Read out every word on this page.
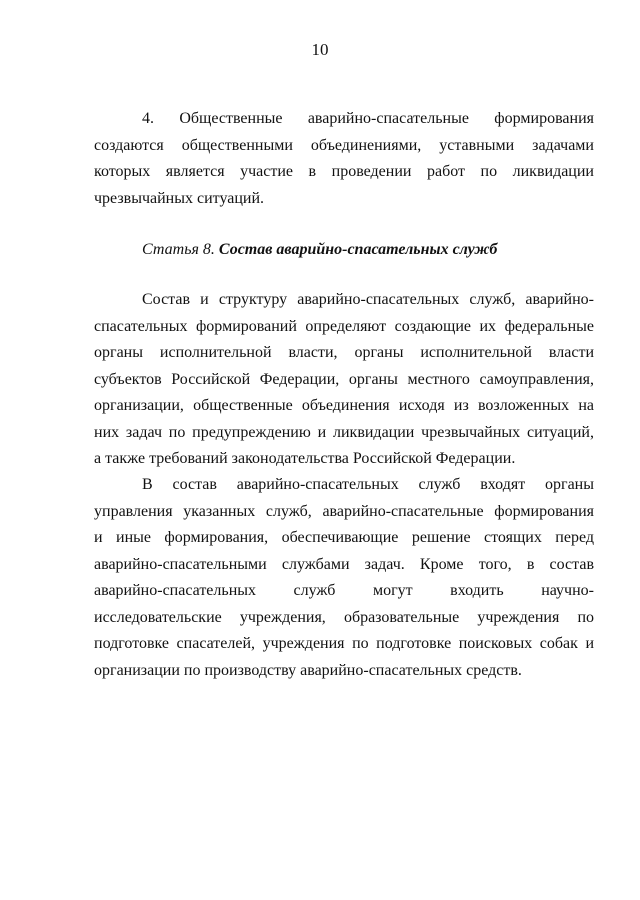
10
4. Общественные аварийно-спасательные формирования
создаются общественными объединениями, уставными задачами
которых является участие в проведении работ по ликвидации
чрезвычайных ситуаций.
Статья 8. Состав аварийно-спасательных служб
Состав и структуру аварийно-спасательных служб, аварийно-
спасательных формирований определяют создающие их федеральные
органы исполнительной власти, органы исполнительной власти
субъектов Российской Федерации, органы местного самоуправления,
организации, общественные объединения исходя из возложенных на
них задач по предупреждению и ликвидации чрезвычайных ситуаций,
а также требований законодательства Российской Федерации.
В состав аварийно-спасательных служб входят органы
управления указанных служб, аварийно-спасательные формирования
и иные формирования, обеспечивающие решение стоящих перед
аварийно-спасательными службами задач. Кроме того, в состав
аварийно-спасательных служб могут входить научно-
исследовательские учреждения, образовательные учреждения по
подготовке спасателей, учреждения по подготовке поисковых собак и
организации по производству аварийно-спасательных средств.
